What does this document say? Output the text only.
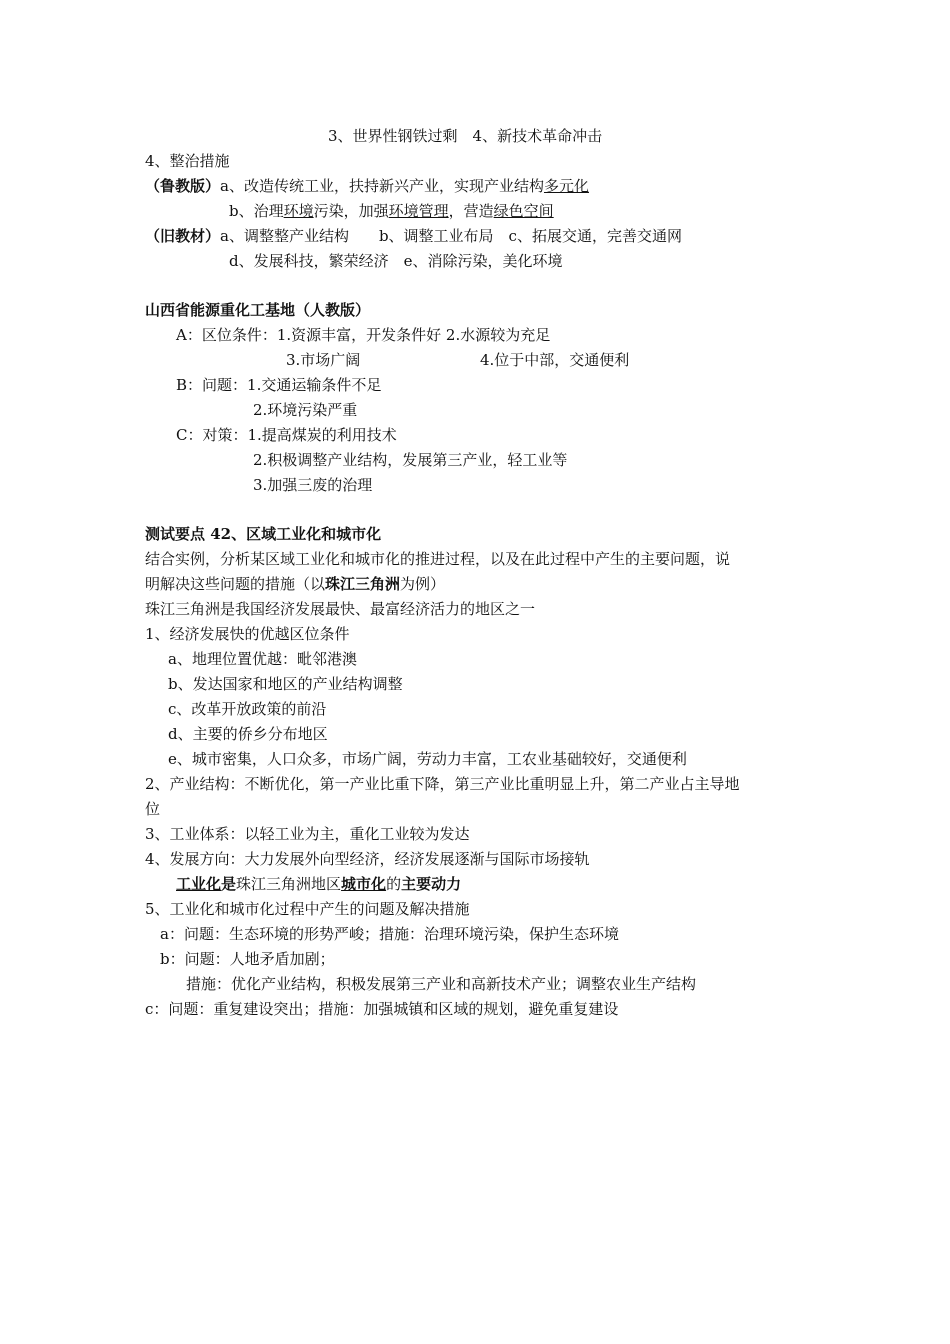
3、世界性钢铁过剩　4、新技术革命冲击
4、整治措施
（鲁教版）a、改造传统工业，扶持新兴产业，实现产业结构多元化
b、治理环境污染，加强环境管理，营造绿色空间
（旧教材）a、调整整产业结构　　b、调整工业布局　c、拓展交通，完善交通网
d、发展科技，繁荣经济　e、消除污染，美化环境
山西省能源重化工基地（人教版）
A：区位条件：1.资源丰富，开发条件好 2.水源较为充足
3.市场广阔	4.位于中部，交通便利
B：问题：1.交通运输条件不足
2.环境污染严重
C：对策：1.提高煤炭的利用技术
2.积极调整产业结构，发展第三产业，轻工业等
3.加强三废的治理
测试要点 42、区域工业化和城市化
结合实例，分析某区域工业化和城市化的推进过程，以及在此过程中产生的主要问题，说
明解决这些问题的措施（以珠江三角洲为例）
珠江三角洲是我国经济发展最快、最富经济活力的地区之一
1、经济发展快的优越区位条件
a、地理位置优越：毗邻港澳
b、发达国家和地区的产业结构调整
c、改革开放政策的前沿
d、主要的侨乡分布地区
e、城市密集，人口众多，市场广阔，劳动力丰富，工农业基础较好，交通便利
2、产业结构：不断优化，第一产业比重下降，第三产业比重明显上升，第二产业占主导地
位
3、工业体系：以轻工业为主，重化工业较为发达
4、发展方向：大力发展外向型经济，经济发展逐渐与国际市场接轨
工业化是珠江三角洲地区城市化的主要动力
5、工业化和城市化过程中产生的问题及解决措施
a：问题：生态环境的形势严峻；措施：治理环境污染，保护生态环境
b：问题：人地矛盾加剧；
措施：优化产业结构，积极发展第三产业和高新技术产业；调整农业生产结构
c：问题：重复建设突出；措施：加强城镇和区域的规划，避免重复建设
